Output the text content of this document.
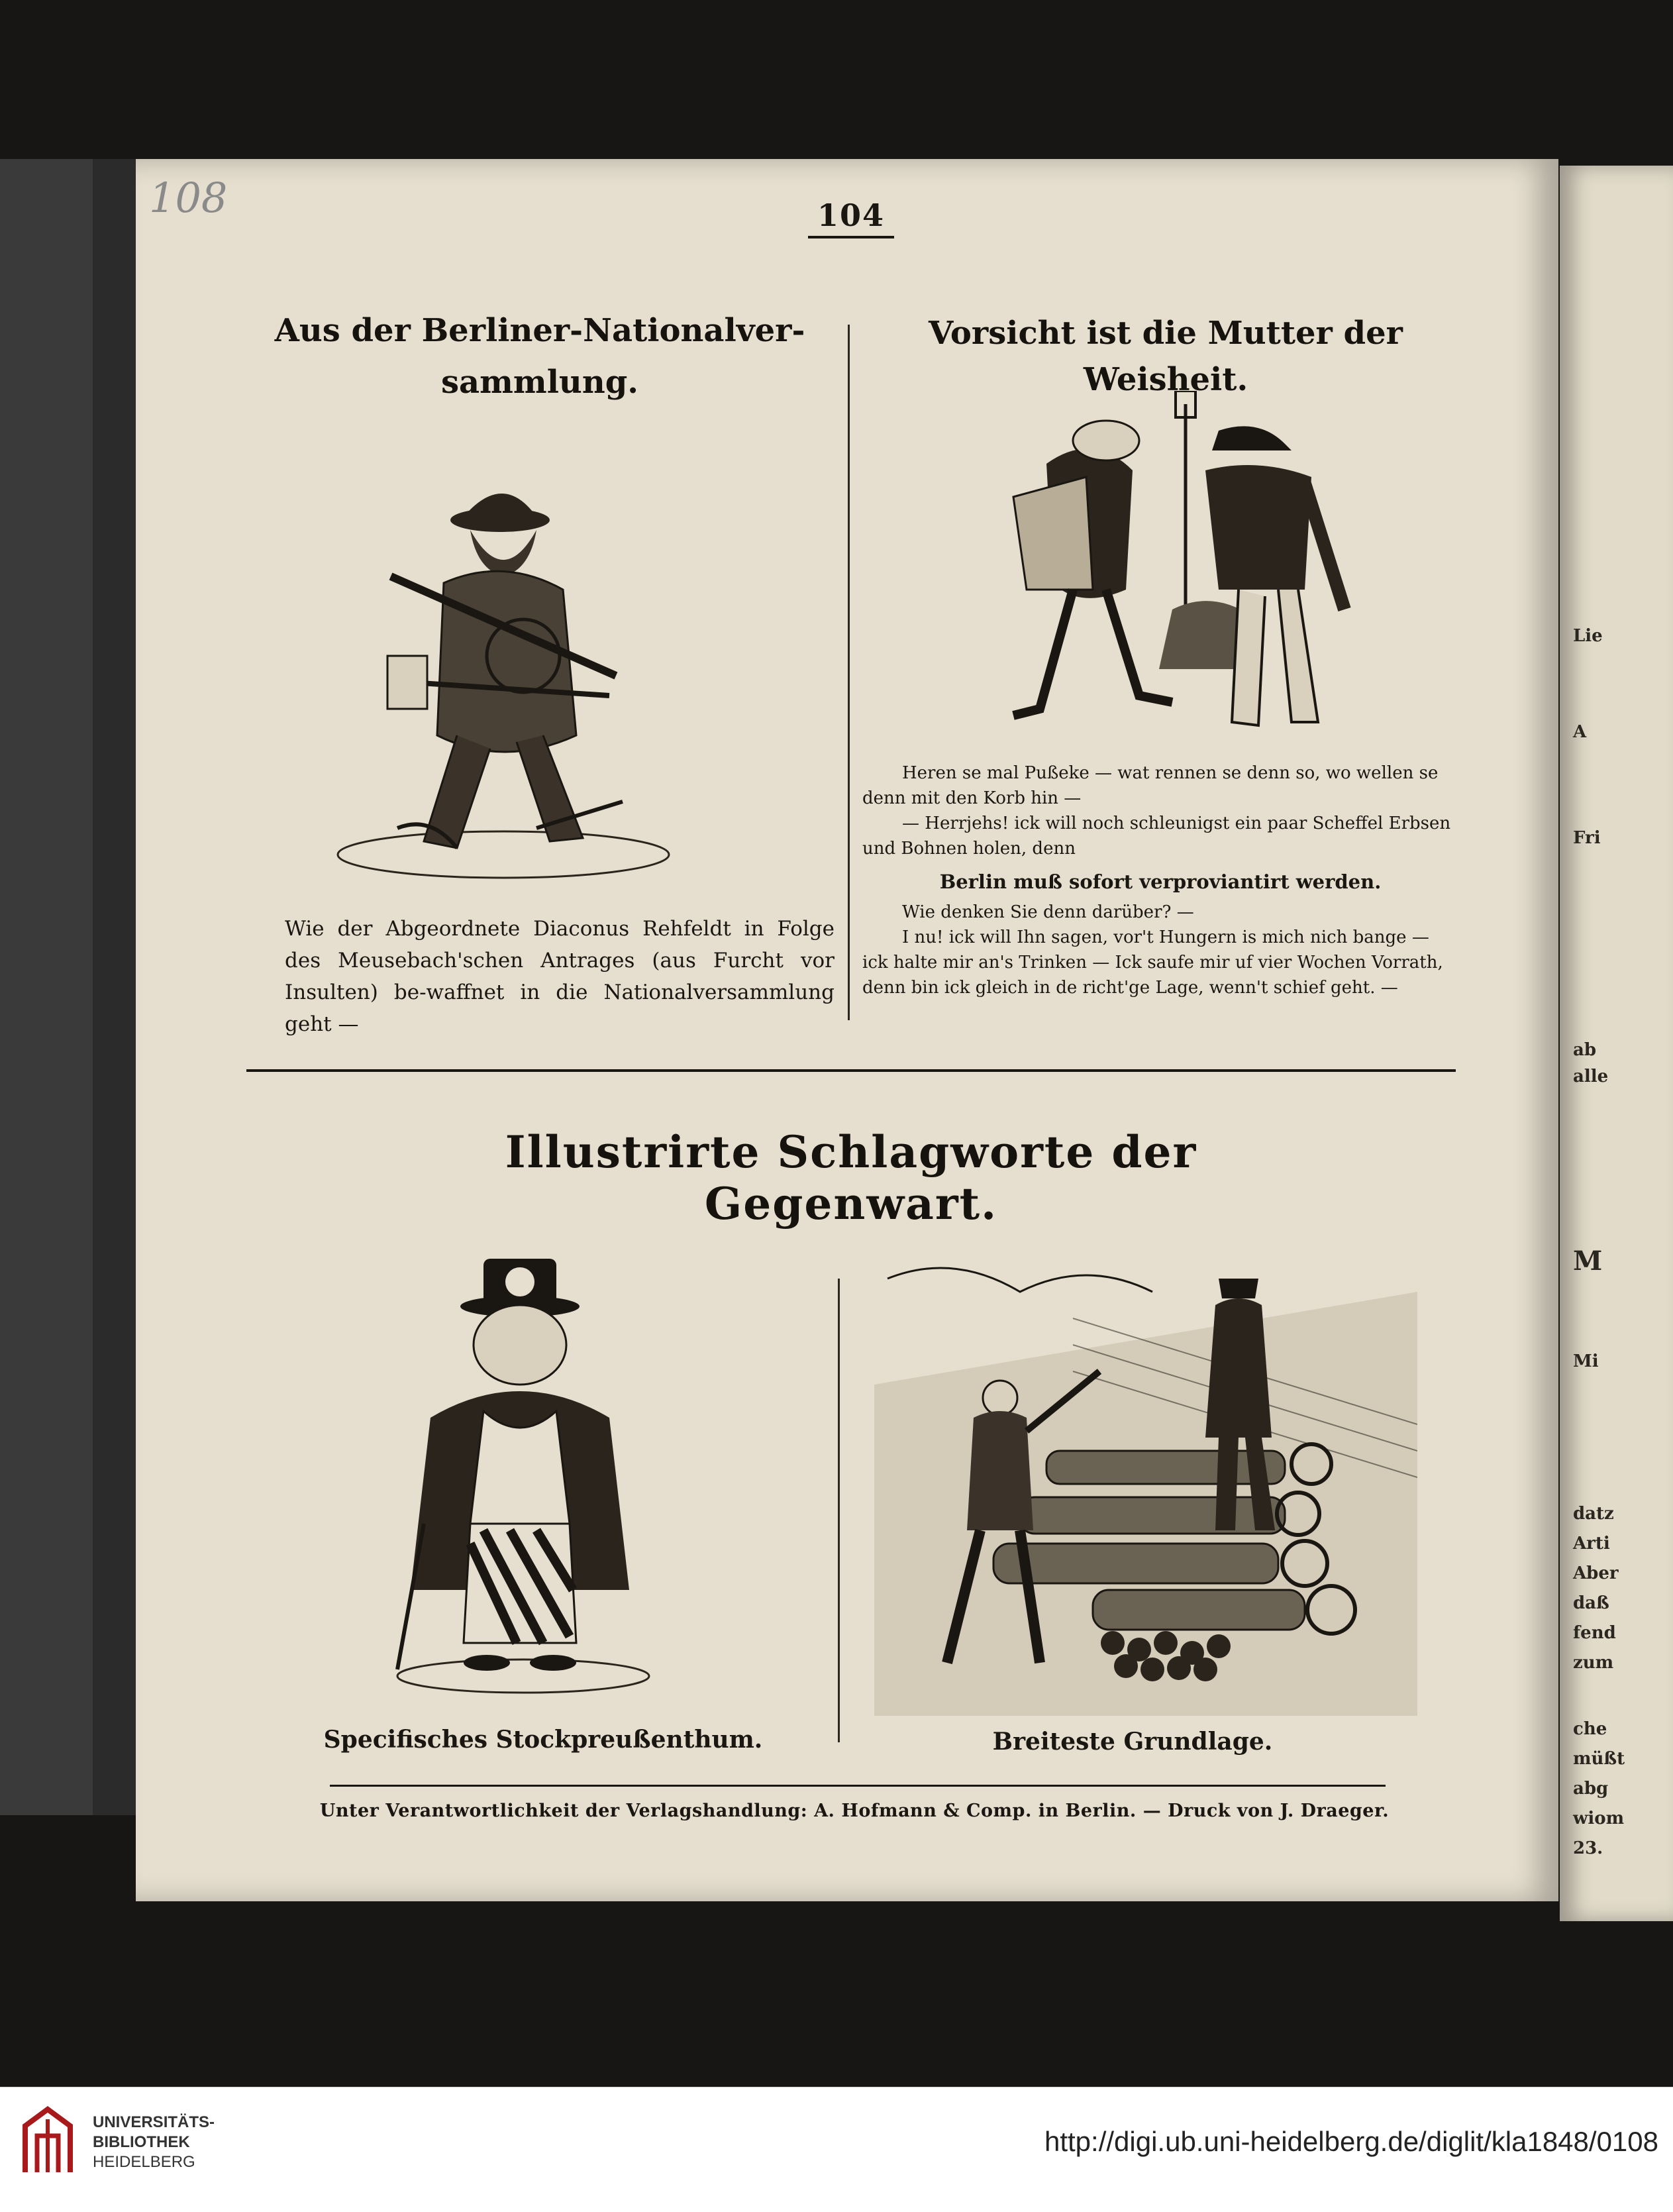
Lie
A
Fri
ab
alle
M
Mi
datz
Arti
Aber
daß
fend
zum
che
müßt
abg
wiom
23.
108	104
Aus der Berliner-Nationalver-sammlung.
Vorsicht ist die Mutter der Weisheit.
Wie der Abgeordnete Diaconus Rehfeldt in Folge des Meusebach'schen Antrages (aus Furcht vor Insulten) be-waffnet in die Nationalversammlung geht —

Heren se mal Pußeke — wat rennen se denn so, wo wellen se denn mit den Korb hin —

— Herrjehs! ick will noch schleunigst ein paar Scheffel Erbsen und Bohnen holen, denn

Berlin muß sofort verproviantirt werden.

Wie denken Sie denn darüber? —

I nu! ick will Ihn sagen, vor't Hungern is mich nich bange — ick halte mir an's Trinken — Ick saufe mir uf vier Wochen Vorrath, denn bin ick gleich in de richt'ge Lage, wenn't schief geht. —

Illustrirte Schlagworte der Gegenwart.
Specifisches Stockpreußenthum.	Breiteste Grundlage.
Unter Verantwortlichkeit der Verlagshandlung: A. Hofmann & Comp. in Berlin. — Druck von J. Draeger.
UNIVERSITÄTS-
BIBLIOTHEK
HEIDELBERG
http://digi.ub.uni-heidelberg.de/diglit/kla1848/0108
